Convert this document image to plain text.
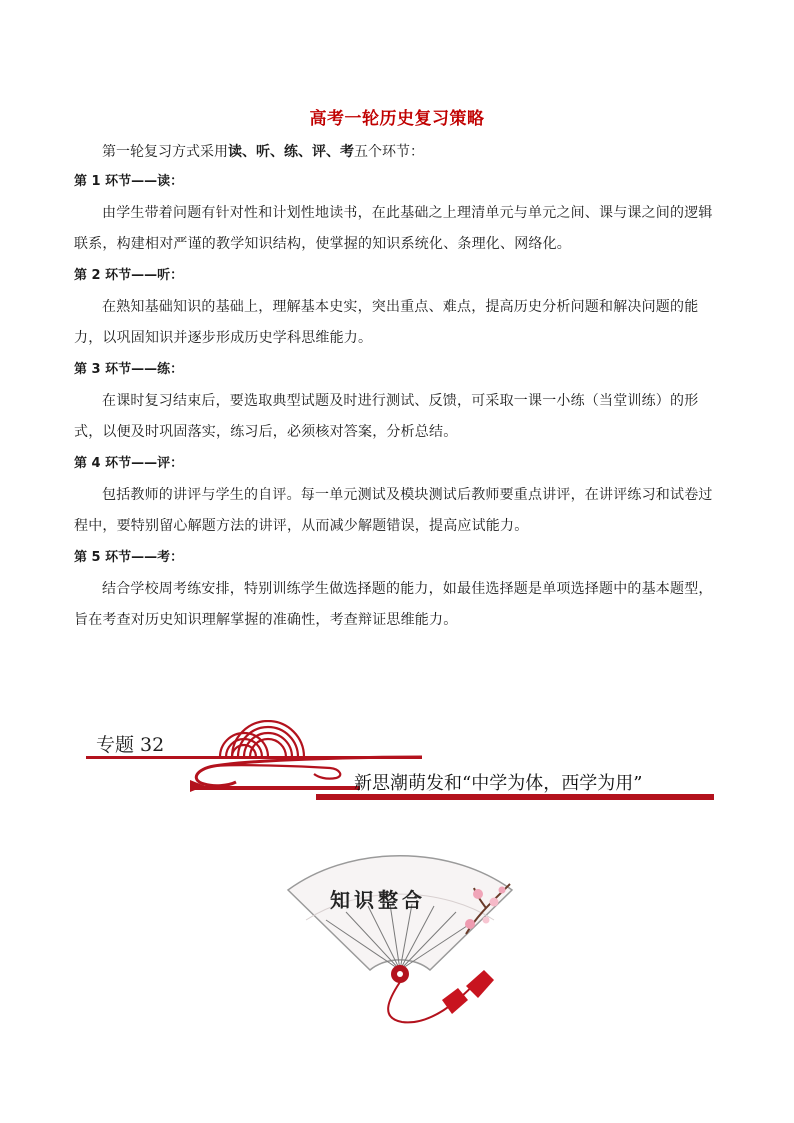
高考一轮历史复习策略

第一轮复习方式采用读、听、练、评、考五个环节：

第 1 环节——读：

由学生带着问题有针对性和计划性地读书，在此基础之上理清单元与单元之间、课与课之间的逻辑联系，构建相对严谨的教学知识结构，使掌握的知识系统化、条理化、网络化。

第 2 环节——听：

在熟知基础知识的基础上，理解基本史实，突出重点、难点，提高历史分析问题和解决问题的能力，以巩固知识并逐步形成历史学科思维能力。

第 3 环节——练：

在课时复习结束后，要选取典型试题及时进行测试、反馈，可采取一课一小练（当堂训练）的形式，以便及时巩固落实，练习后，必须核对答案，分析总结。

第 4 环节——评：

包括教师的讲评与学生的自评。每一单元测试及模块测试后教师要重点讲评，在讲评练习和试卷过程中，要特别留心解题方法的讲评，从而减少解题错误，提高应试能力。

第 5 环节——考：

结合学校周考练安排，特别训练学生做选择题的能力，如最佳选择题是单项选择题中的基本题型，旨在考查对历史知识理解掌握的准确性，考查辩证思维能力。

专题 32
新思潮萌发和“中学为体，西学为用”
知识整合
